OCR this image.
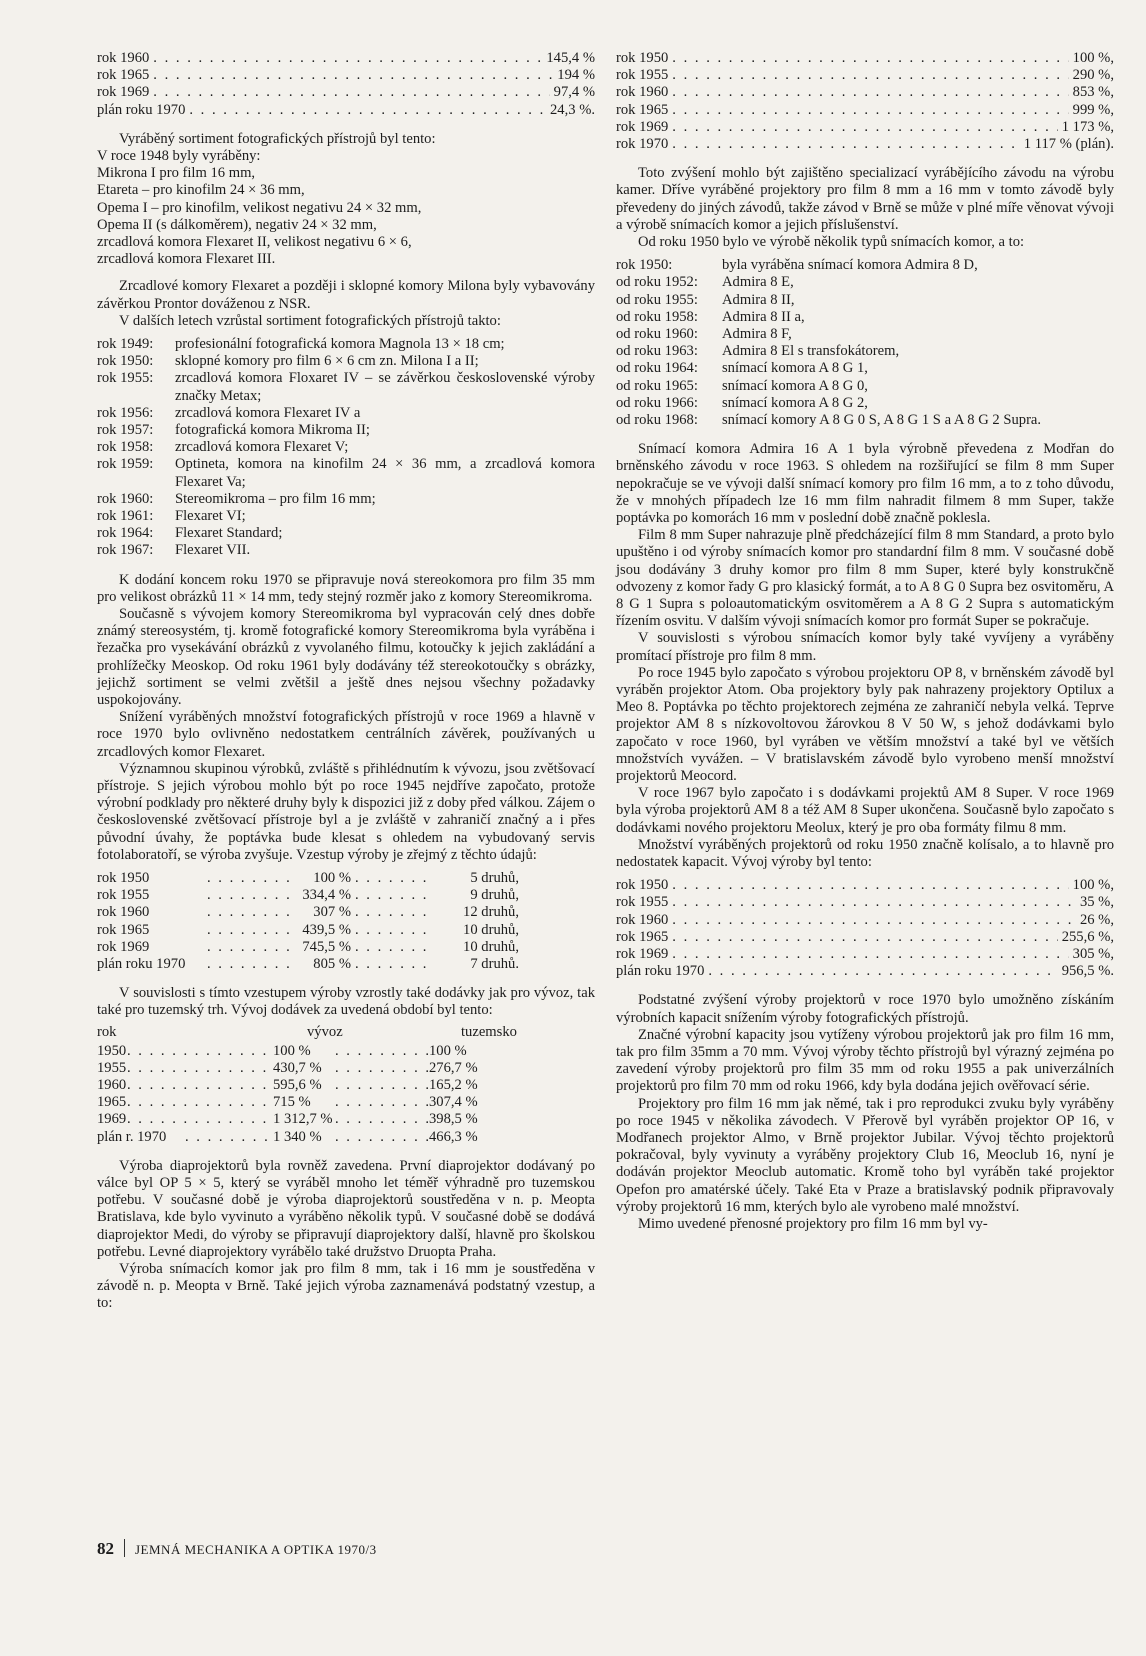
rok 1960 . . .	145,4 %
rok 1965 . . .	194 %
rok 1969 . . .	97,4 %
plán roku 1970 . . .	24,3 %.

Vyráběný sortiment fotografických přístrojů byl tento:

V roce 1948 byly vyráběny:
Mikrona I pro film 16 mm,
Etareta – pro kinofilm 24 × 36 mm,
Opema I – pro kinofilm, velikost negativu 24 × 32 mm,
Opema II (s dálkoměrem), negativ 24 × 32 mm,
zrcadlová komora Flexaret II, velikost negativu 6 × 6,
zrcadlová komora Flexaret III.

Zrcadlové komory Flexaret a později i sklopné komory Milona byly vybavovány závěrkou Prontor dováženou z NSR.

V dalších letech vzrůstal sortiment fotografických přístrojů takto:

rok 1949:	profesionální fotografická komora Magnola 13 × 18 cm;
rok 1950:	sklopné komory pro film 6 × 6 cm zn. Milona I a II;
rok 1955:	zrcadlová komora Floxaret IV – se závěrkou československé výroby značky Metax;
rok 1956:	zrcadlová komora Flexaret IV a
rok 1957:	fotografická komora Mikroma II;
rok 1958:	zrcadlová komora Flexaret V;
rok 1959:	Optineta, komora na kinofilm 24 × 36 mm, a zrcadlová komora Flexaret Va;
rok 1960:	Stereomikroma – pro film 16 mm;
rok 1961:	Flexaret VI;
rok 1964:	Flexaret Standard;
rok 1967:	Flexaret VII.

K dodání koncem roku 1970 se připravuje nová stereokomora pro film 35 mm pro velikost obrázků 11 × 14 mm, tedy stejný rozměr jako z komory Stereomikroma.

Současně s vývojem komory Stereomikroma byl vypracován celý dnes dobře známý stereosystém, tj. kromě fotografické komory Stereomikroma byla vyráběna i řezačka pro vysekávání obrázků z vyvolaného filmu, kotoučky k jejich zakládání a prohlížečky Meoskop. Od roku 1961 byly dodávány též stereokotoučky s obrázky, jejichž sortiment se velmi zvětšil a ještě dnes nejsou všechny požadavky uspokojovány.

Snížení vyráběných množství fotografických přístrojů v roce 1969 a hlavně v roce 1970 bylo ovlivněno nedostatkem centrálních závěrek, používaných u zrcadlových komor Flexaret.

Významnou skupinou výrobků, zvláště s přihlédnutím k vývozu, jsou zvětšovací přístroje. S jejich výrobou mohlo být po roce 1945 nejdříve započato, protože výrobní podklady pro některé druhy byly k dispozici již z doby před válkou. Zájem o československé zvětšovací přístroje byl a je zvláště v zahraničí značný a i přes původní úvahy, že poptávka bude klesat s ohledem na vybudovaný servis fotolaboratoří, se výroba zvyšuje. Vzestup výroby je zřejmý z těchto údajů:

rok 1950 . . .	100 % . . .	5 druhů,
rok 1955 . . .	334,4 % . . .	9 druhů,
rok 1960 . . .	307 % . . .	12 druhů,
rok 1965 . . .	439,5 % . . .	10 druhů,
rok 1969 . . .	745,5 % . . .	10 druhů,
plán roku 1970 . . .	805 % . . .	7 druhů.

V souvislosti s tímto vzestupem výroby vzrostly také dodávky jak pro vývoz, tak také pro tuzemský trh. Vývoj dodávek za uvedená období byl tento:

rok	vývoz	tuzemsko
1950 . . .	100 % . . .	100 %
1955 . . .	430,7 % . . .	276,7 %
1960 . . .	595,6 % . . .	165,2 %
1965 . . .	715 % . . .	307,4 %
1969 . . .	1 312,7 % . . .	398,5 %
plán r. 1970 . . .	1 340 % . . .	466,3 %

Výroba diaprojektorů byla rovněž zavedena. První diaprojektor dodávaný po válce byl OP 5 × 5, který se vyráběl mnoho let téměř výhradně pro tuzemskou potřebu. V současné době je výroba diaprojektorů soustředěna v n. p. Meopta Bratislava, kde bylo vyvinuto a vyráběno několik typů. V současné době se dodává diaprojektor Medi, do výroby se připravují diaprojektory další, hlavně pro školskou potřebu. Levné diaprojektory vyrábělo také družstvo Druopta Praha.

Výroba snímacích komor jak pro film 8 mm, tak i 16 mm je soustředěna v závodě n. p. Meopta v Brně. Také jejich výroba zaznamenává podstatný vzestup, a to:

rok 1950 . . .	100 %,
rok 1955 . . .	290 %,
rok 1960 . . .	853 %,
rok 1965 . . .	999 %,
rok 1969 . . .	1 173 %,
rok 1970 . . .	1 117 % (plán).

Toto zvýšení mohlo být zajištěno specializací vyrábějícího závodu na výrobu kamer. Dříve vyráběné projektory pro film 8 mm a 16 mm v tomto závodě byly převedeny do jiných závodů, takže závod v Brně se může v plné míře věnovat vývoji a výrobě snímacích komor a jejich příslušenství.

Od roku 1950 bylo ve výrobě několik typů snímacích komor, a to:

rok 1950:	byla vyráběna snímací komora Admira 8 D,
od roku 1952:	Admira 8 E,
od roku 1955:	Admira 8 II,
od roku 1958:	Admira 8 II a,
od roku 1960:	Admira 8 F,
od roku 1963:	Admira 8 El s transfokátorem,
od roku 1964:	snímací komora A 8 G 1,
od roku 1965:	snímací komora A 8 G 0,
od roku 1966:	snímací komora A 8 G 2,
od roku 1968:	snímací komory A 8 G 0 S, A 8 G 1 S a A 8 G 2 Supra.

Snímací komora Admira 16 A 1 byla výrobně převedena z Modřan do brněnského závodu v roce 1963. S ohledem na rozšiřující se film 8 mm Super nepokračuje se ve vývoji další snímací komory pro film 16 mm, a to z toho důvodu, že v mnohých případech lze 16 mm film nahradit filmem 8 mm Super, takže poptávka po komorách 16 mm v poslední době značně poklesla.

Film 8 mm Super nahrazuje plně předcházející film 8 mm Standard, a proto bylo upuštěno i od výroby snímacích komor pro standardní film 8 mm. V současné době jsou dodávány 3 druhy komor pro film 8 mm Super, které byly konstrukčně odvozeny z komor řady G pro klasický formát, a to A 8 G 0 Supra bez osvitoměru, A 8 G 1 Supra s poloautomatickým osvitoměrem a A 8 G 2 Supra s automatickým řízením osvitu. V dalším vývoji snímacích komor pro formát Super se pokračuje.

V souvislosti s výrobou snímacích komor byly také vyvíjeny a vyráběny promítací přístroje pro film 8 mm.

Po roce 1945 bylo započato s výrobou projektoru OP 8, v brněnském závodě byl vyráběn projektor Atom. Oba projektory byly pak nahrazeny projektory Optilux a Meo 8. Poptávka po těchto projektorech zejména ze zahraničí nebyla velká. Teprve projektor AM 8 s nízkovoltovou žárovkou 8 V 50 W, s jehož dodávkami bylo započato v roce 1960, byl vyráben ve větším množství a také byl ve větších množstvích vyvážen. – V bratislavském závodě bylo vyrobeno menší množství projektorů Meocord.

V roce 1967 bylo započato i s dodávkami projektů AM 8 Super. V roce 1969 byla výroba projektorů AM 8 a též AM 8 Super ukončena. Současně bylo započato s dodávkami nového projektoru Meolux, který je pro oba formáty filmu 8 mm.

Množství vyráběných projektorů od roku 1950 značně kolísalo, a to hlavně pro nedostatek kapacit. Vývoj výroby byl tento:

rok 1950 . . .	100 %,
rok 1955 . . .	35 %,
rok 1960 . . .	26 %,
rok 1965 . . .	255,6 %,
rok 1969 . . .	305 %,
plán roku 1970 . . .	956,5 %.

Podstatné zvýšení výroby projektorů v roce 1970 bylo umožněno získáním výrobních kapacit snížením výroby fotografických přístrojů.

Značné výrobní kapacity jsou vytíženy výrobou projektorů jak pro film 16 mm, tak pro film 35mm a 70 mm. Vývoj výroby těchto přístrojů byl výrazný zejména po zavedení výroby projektorů pro film 35 mm od roku 1955 a pak univerzálních projektorů pro film 70 mm od roku 1966, kdy byla dodána jejich ověřovací série.

Projektory pro film 16 mm jak němé, tak i pro reprodukci zvuku byly vyráběny po roce 1945 v několika závodech. V Přerově byl vyráběn projektor OP 16, v Modřanech projektor Almo, v Brně projektor Jubilar. Vývoj těchto projektorů pokračoval, byly vyvinuty a vyráběny projektory Club 16, Meoclub 16, nyní je dodáván projektor Meoclub automatic. Kromě toho byl vyráběn také projektor Opefon pro amatérské účely. Také Eta v Praze a bratislavský podnik připravovaly výroby projektorů 16 mm, kterých bylo ale vyrobeno malé množství.

Mimo uvedené přenosné projektory pro film 16 mm byl vy-

82 JEMNÁ MECHANIKA A OPTIKA 1970/3
